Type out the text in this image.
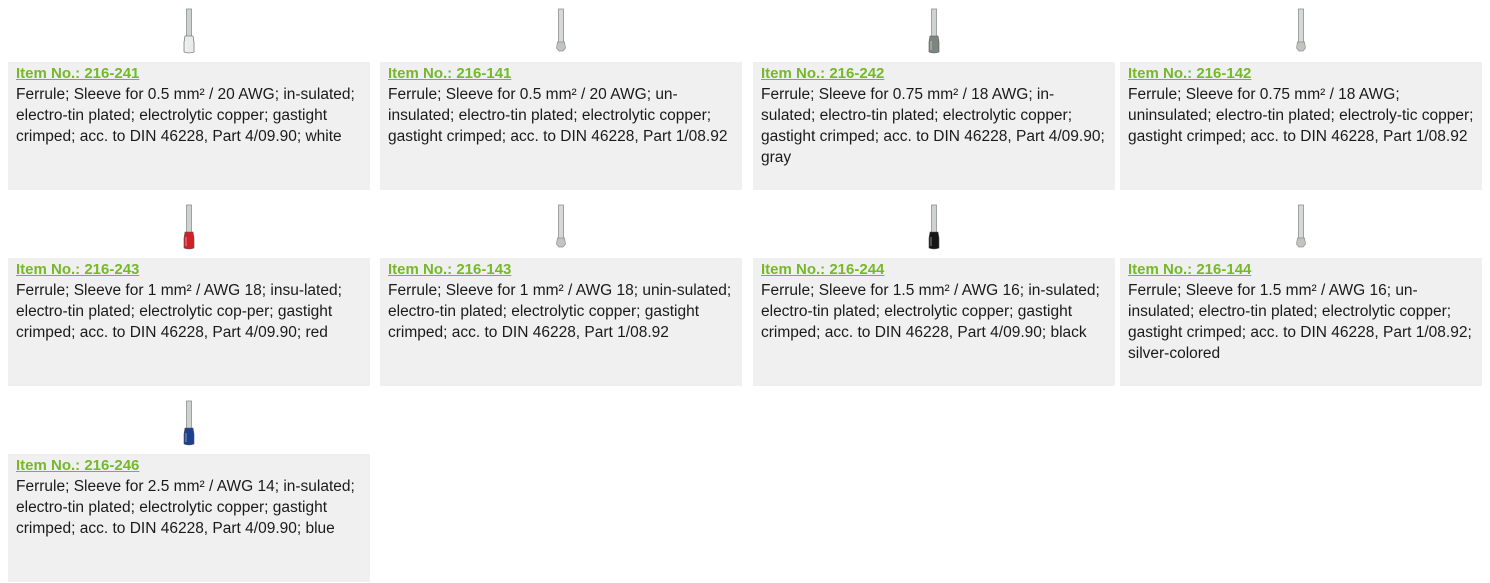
Item No.: 216-241

Ferrule; Sleeve for 0.5 mm² / 20 AWG; in-sulated; electro-tin plated; electrolytic copper; gastight crimped; acc. to DIN 46228, Part 4/09.90; white

Item No.: 216-141

Ferrule; Sleeve for 0.5 mm² / 20 AWG; un-insulated; electro-tin plated; electrolytic copper; gastight crimped; acc. to DIN 46228, Part 1/08.92

Item No.: 216-242

Ferrule; Sleeve for 0.75 mm² / 18 AWG; in-sulated; electro-tin plated; electrolytic copper; gastight crimped; acc. to DIN 46228, Part 4/09.90; gray

Item No.: 216-142

Ferrule; Sleeve for 0.75 mm² / 18 AWG; uninsulated; electro-tin plated; electroly-tic copper; gastight crimped; acc. to DIN 46228, Part 1/08.92

Item No.: 216-243

Ferrule; Sleeve for 1 mm² / AWG 18; insu-lated; electro-tin plated; electrolytic cop-per; gastight crimped; acc. to DIN 46228, Part 4/09.90; red

Item No.: 216-143

Ferrule; Sleeve for 1 mm² / AWG 18; unin-sulated; electro-tin plated; electrolytic copper; gastight crimped; acc. to DIN 46228, Part 1/08.92

Item No.: 216-244

Ferrule; Sleeve for 1.5 mm² / AWG 16; in-sulated; electro-tin plated; electrolytic copper; gastight crimped; acc. to DIN 46228, Part 4/09.90; black

Item No.: 216-144

Ferrule; Sleeve for 1.5 mm² / AWG 16; un-insulated; electro-tin plated; electrolytic copper; gastight crimped; acc. to DIN 46228, Part 1/08.92; silver-colored

Item No.: 216-246

Ferrule; Sleeve for 2.5 mm² / AWG 14; in-sulated; electro-tin plated; electrolytic copper; gastight crimped; acc. to DIN 46228, Part 4/09.90; blue
